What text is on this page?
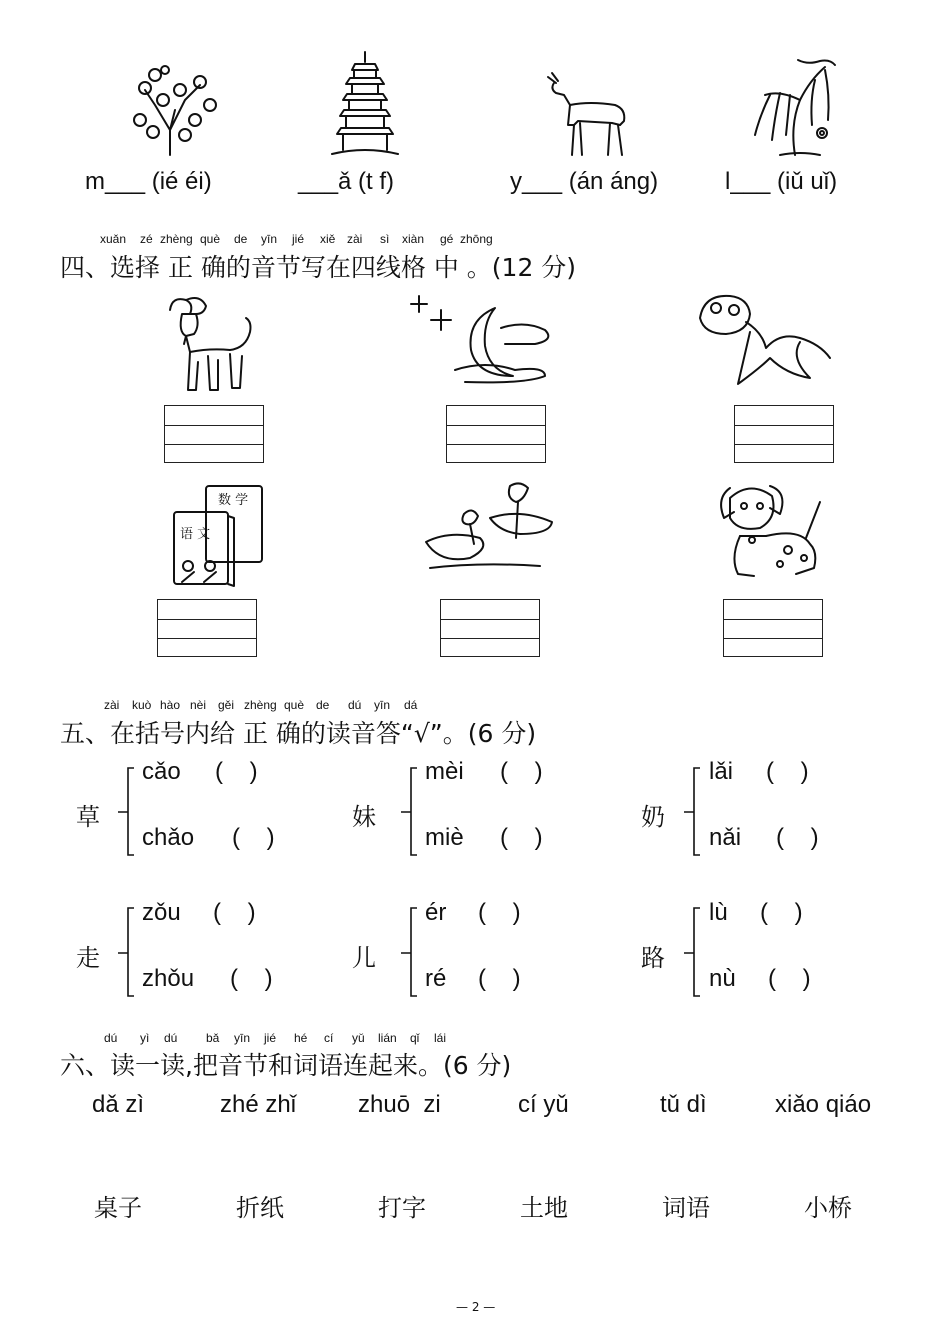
m___ (ié éi)	___ǎ (t f)	y___ (án áng)	l___ (iǔ uǐ)
xuǎn zé zhèng què de yīn jié xiě zài sì xiàn gé zhōng
四、选择 正 确的音节写在四线格 中 。(12 分)
数 学
语 文
zài kuò hào nèi gěi zhèng què de dú yīn dá
五、在括号内给 正 确的读音答“√”。(6 分)
草
cǎo (    )
chǎo (    )
妹
mèi (    )
miè (    )
奶
lǎi (    )
nǎi (    )
走
zǒu (    )
zhǒu (    )
儿
ér (    )
ré (    )
路
lù (    )
nù (    )
dú yì dú bǎ yīn jié hé cí yǔ lián qǐ lái
六、读一读,把音节和词语连起来。(6 分)
dǎ zì	zhé zhǐ	zhuō  zi	cí yǔ	tǔ dì	xiǎo qiáo
桌子	折纸	打字	土地	词语	小桥
— 2 —
